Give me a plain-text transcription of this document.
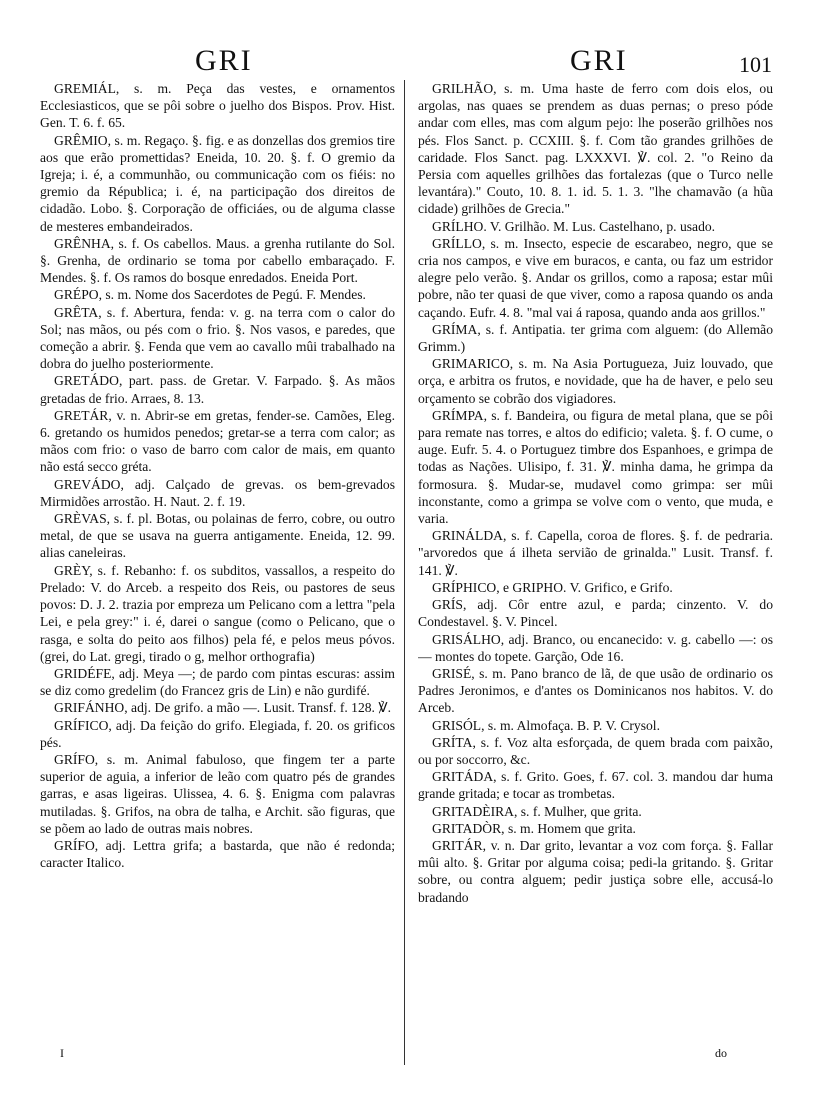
GRI	GRI	101

GREMIÁL, s. m. Peça das vestes, e ornamentos Ecclesiasticos, que se pôi sobre o juelho dos Bispos. Prov. Hist. Gen. T. 6. f. 65.

GRÊMIO, s. m. Regaço. §. fig. e as donzellas dos gremios tire aos que erão promettidas? Eneida, 10. 20. §. f. O gremio da Igreja; i. é, a communhão, ou communicação com os fiéis: no gremio da Républica; i. é, na participação dos direitos de cidadão. Lobo. §. Corporação de officiáes, ou de alguma classe de mesteres embandeirados.

GRÊNHA, s. f. Os cabellos. Maus. a grenha rutilante do Sol. §. Grenha, de ordinario se toma por cabello embaraçado. F. Mendes. §. f. Os ramos do bosque enredados. Eneida Port.

GRÉPO, s. m. Nome dos Sacerdotes de Pegú. F. Mendes.

GRÊTA, s. f. Abertura, fenda: v. g. na terra com o calor do Sol; nas mãos, ou pés com o frio. §. Nos vasos, e paredes, que começão a abrir. §. Fenda que vem ao cavallo mûi trabalhado na dobra do juelho posteriormente.

GRETÁDO, part. pass. de Gretar. V. Farpado. §. As mãos gretadas de frio. Arraes, 8. 13.

GRETÁR, v. n. Abrir-se em gretas, fender-se. Camões, Eleg. 6. gretando os humidos penedos; gretar-se a terra com calor; as mãos com frio: o vaso de barro com calor de mais, em quanto não está secco gréta.

GREVÁDO, adj. Calçado de grevas. os bem-grevados Mirmidões arrostão. H. Naut. 2. f. 19.

GRÈVAS, s. f. pl. Botas, ou polainas de ferro, cobre, ou outro metal, de que se usava na guerra antigamente. Eneida, 12. 99. alias caneleiras.

GRÈY, s. f. Rebanho: f. os subditos, vassallos, a respeito do Prelado: V. do Arceb. a respeito dos Reis, ou pastores de seus povos: D. J. 2. trazia por empreza um Pelicano com a lettra "pela Lei, e pela grey:" i. é, darei o sangue (como o Pelicano, que o rasga, e solta do peito aos filhos) pela fé, e pelos meus póvos. (grei, do Lat. gregi, tirado o g, melhor orthografia)

GRIDÉFE, adj. Meya —; de pardo com pintas escuras: assim se diz como gredelim (do Francez gris de Lin) e não gurdifé.

GRIFÁNHO, adj. De grifo. a mão —. Lusit. Transf. f. 128. ℣.

GRÍFICO, adj. Da feição do grifo. Elegiada, f. 20. os grificos pés.

GRÍFO, s. m. Animal fabuloso, que fingem ter a parte superior de aguia, a inferior de leão com quatro pés de grandes garras, e asas ligeiras. Ulissea, 4. 6. §. Enigma com palavras mutiladas. §. Grifos, na obra de talha, e Archit. são figuras, que se põem ao lado de outras mais nobres.

GRÍFO, adj. Lettra grifa; a bastarda, que não é redonda; caracter Italico.

GRILHÃO, s. m. Uma haste de ferro com dois elos, ou argolas, nas quaes se prendem as duas pernas; o preso póde andar com elles, mas com algum pejo: lhe poserão grilhões nos pés. Flos Sanct. p. CCXIII. §. f. Com tão grandes grilhões de caridade. Flos Sanct. pag. LXXXVI. ℣. col. 2. "o Reino da Persia com aquelles grilhões das fortalezas (que o Turco nelle levantára)." Couto, 10. 8. 1. id. 5. 1. 3. "lhe chamavão (a hũa cidade) grilhões de Grecia."

GRÍLHO. V. Grilhão. M. Lus. Castelhano, p. usado.

GRÍLLO, s. m. Insecto, especie de escarabeo, negro, que se cria nos campos, e vive em buracos, e canta, ou faz um estridor alegre pelo verão. §. Andar os grillos, como a raposa; estar mûi pobre, não ter quasi de que viver, como a raposa quando os anda caçando. Eufr. 4. 8. "mal vai á raposa, quando anda aos grillos."

GRÍMA, s. f. Antipatia. ter grima com alguem: (do Allemão Grimm.)

GRIMARICO, s. m. Na Asia Portugueza, Juiz louvado, que orça, e arbitra os frutos, e novidade, que ha de haver, e pelo seu orçamento se cobrão dos vigiadores.

GRÍMPA, s. f. Bandeira, ou figura de metal plana, que se pôi para remate nas torres, e altos do edificio; valeta. §. f. O cume, o auge. Eufr. 5. 4. o Portuguez timbre dos Espanhoes, e grimpa de todas as Nações. Ulisipo, f. 31. ℣. minha dama, he grimpa da formosura. §. Mudar-se, mudavel como grimpa: ser mûi inconstante, como a grimpa se volve com o vento, que muda, e varia.

GRINÁLDA, s. f. Capella, coroa de flores. §. f. de pedraria. "arvoredos que á ilheta servião de grinalda." Lusit. Transf. f. 141. ℣.

GRÍPHICO, e GRIPHO. V. Grifico, e Grifo.

GRÍS, adj. Côr entre azul, e parda; cinzento. V. do Condestavel. §. V. Pincel.

GRISÁLHO, adj. Branco, ou encanecido: v. g. cabello —: os — montes do topete. Garção, Ode 16.

GRISÉ, s. m. Pano branco de lã, de que usão de ordinario os Padres Jeronimos, e d'antes os Dominicanos nos habitos. V. do Arceb.

GRISÓL, s. m. Almofaça. B. P. V. Crysol.

GRÍTA, s. f. Voz alta esforçada, de quem brada com paixão, ou por soccorro, &c.

GRITÁDA, s. f. Grito. Goes, f. 67. col. 3. mandou dar huma grande gritada; e tocar as trombetas.

GRITADÈIRA, s. f. Mulher, que grita.

GRITADÒR, s. m. Homem que grita.

GRITÁR, v. n. Dar grito, levantar a voz com força. §. Fallar mûi alto. §. Gritar por alguma coisa; pedi-la gritando. §. Gritar sobre, ou contra alguem; pedir justiça sobre elle, accusá-lo bradando

I	do
